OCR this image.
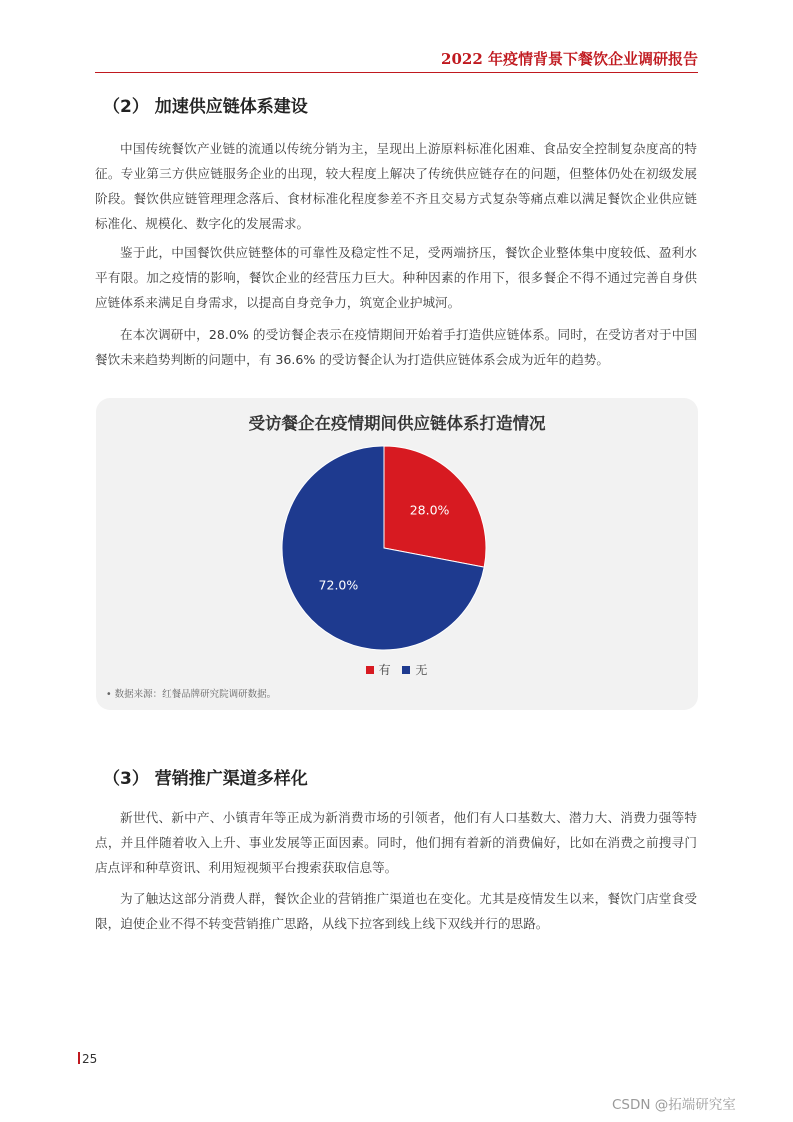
2022 年疫情背景下餐饮企业调研报告
（2） 加速供应链体系建设

中国传统餐饮产业链的流通以传统分销为主，呈现出上游原料标准化困难、食品安全控制复杂度高的特征。专业第三方供应链服务企业的出现，较大程度上解决了传统供应链存在的问题，但整体仍处在初级发展阶段。餐饮供应链管理理念落后、食材标准化程度参差不齐且交易方式复杂等痛点难以满足餐饮企业供应链标准化、规模化、数字化的发展需求。

鉴于此，中国餐饮供应链整体的可靠性及稳定性不足，受两端挤压，餐饮企业整体集中度较低、盈利水平有限。加之疫情的影响，餐饮企业的经营压力巨大。种种因素的作用下，很多餐企不得不通过完善自身供应链体系来满足自身需求，以提高自身竞争力，筑宽企业护城河。

在本次调研中，28.0% 的受访餐企表示在疫情期间开始着手打造供应链体系。同时，在受访者对于中国餐饮未来趋势判断的问题中，有 36.6% 的受访餐企认为打造供应链体系会成为近年的趋势。

受访餐企在疫情期间供应链体系打造情况
28.0%
72.0%
有 无
• 数据来源：红餐品牌研究院调研数据。
（3） 营销推广渠道多样化

新世代、新中产、小镇青年等正成为新消费市场的引领者，他们有人口基数大、潜力大、消费力强等特点，并且伴随着收入上升、事业发展等正面因素。同时，他们拥有着新的消费偏好，比如在消费之前搜寻门店点评和种草资讯、利用短视频平台搜索获取信息等。

为了触达这部分消费人群，餐饮企业的营销推广渠道也在变化。尤其是疫情发生以来，餐饮门店堂食受限，迫使企业不得不转变营销推广思路，从线下拉客到线上线下双线并行的思路。

25
CSDN @拓端研究室
